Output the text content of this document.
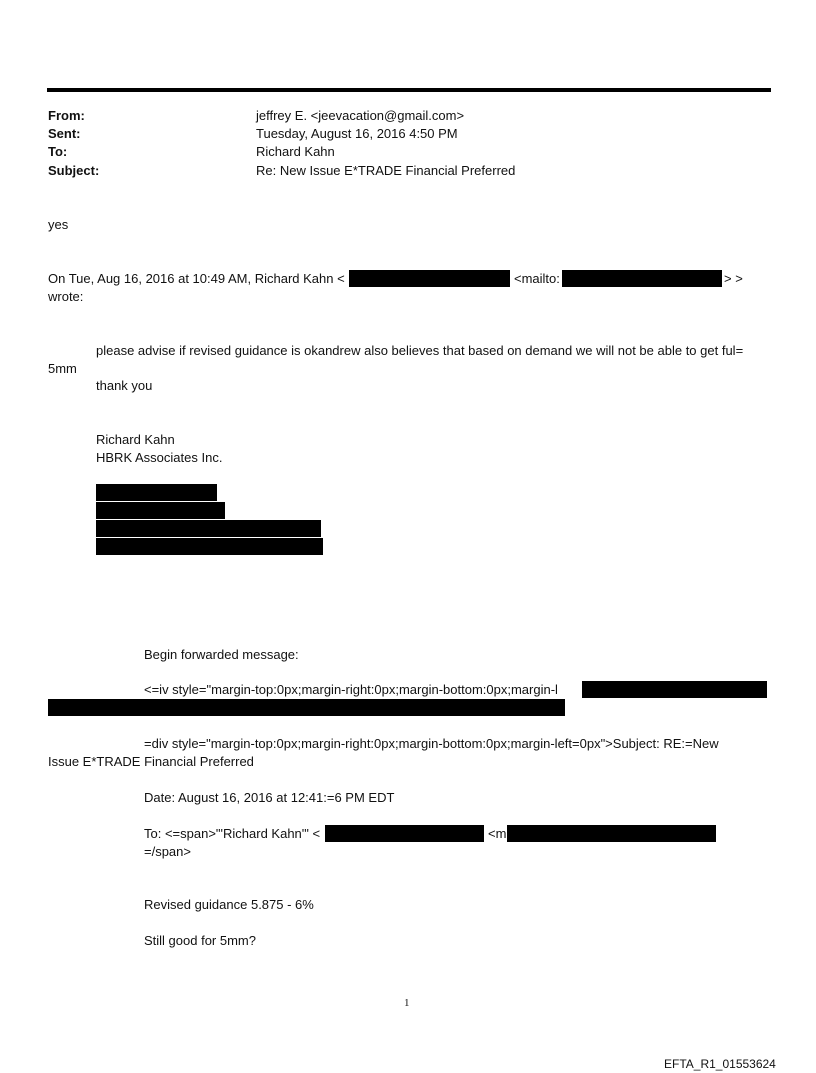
From:	jeffrey E. <jeevacation@gmail.com>
Sent:	Tuesday, August 16, 2016 4:50 PM
To:	Richard Kahn
Subject:	Re: New Issue E*TRADE Financial Preferred
yes
On Tue, Aug 16, 2016 at 10:49 AM, Richard Kahn <	<mailto:	> >
wrote:
please advise if revised guidance is okandrew also believes that based on demand we will not be able to get ful=
5mm
thank you
Richard Kahn
HBRK Associates Inc.
Begin forwarded message:
<=iv style="margin-top:0px;margin-right:0px;margin-bottom:0px;margin-l
=div style="margin-top:0px;margin-right:0px;margin-bottom:0px;margin-left=0px">Subject: RE:=New
Issue E*TRADE Financial Preferred
Date: August 16, 2016 at 12:41:=6 PM EDT
To: <=span>"'Richard Kahn'" <	<m
=/span>
Revised guidance 5.875 - 6%
Still good for 5mm?
1
EFTA_R1_01553624
